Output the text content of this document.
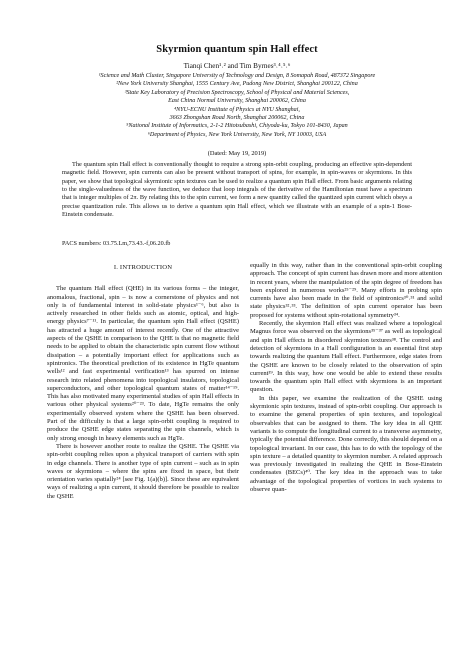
Skyrmion quantum spin Hall effect
Tianqi Chen¹˒² and Tim Byrnes³˒⁴˒⁵˒⁶
¹Science and Math Cluster, Singapore University of Technology and Design, 8 Somapah Road, 487372 Singapore
²New York University Shanghai, 1555 Century Ave, Pudong New District, Shanghai 200122, China
³State Key Laboratory of Precision Spectroscopy, School of Physical and Material Sciences,
East China Normal University, Shanghai 200062, China
⁴NYU-ECNU Institute of Physics at NYU Shanghai,
3663 Zhongshan Road North, Shanghai 200062, China
⁵National Institute of Informatics, 2-1-2 Hitotsubashi, Chiyoda-ku, Tokyo 101-8430, Japan
⁶Department of Physics, New York University, New York, NY 10003, USA
(Dated: May 19, 2019)
The quantum spin Hall effect is conventionally thought to require a strong spin-orbit coupling, producing an effective spin-dependent magnetic field. However, spin currents can also be present without transport of spins, for example, in spin-waves or skyrmions. In this paper, we show that topological skyrmionic spin textures can be used to realize a quantum spin Hall effect. From basic arguments relating to the single-valuedness of the wave function, we deduce that loop integrals of the derivative of the Hamiltonian must have a spectrum that is integer multiples of 2π. By relating this to the spin current, we form a new quantity called the quantized spin current which obeys a precise quantization rule. This allows us to derive a quantum spin Hall effect, which we illustrate with an example of a spin-1 Bose-Einstein condensate.
PACS numbers: 03.75.Lm,73.43.-f,06.20.fb
I. INTRODUCTION

The quantum Hall effect (QHE) in its various forms – the integer, anomalous, fractional, spin – is now a cornerstone of physics and not only is of fundamental interest in solid-state physics¹⁻⁶, but also is actively researched in other fields such as atomic, optical, and high-energy physics⁷⁻¹¹. In particular, the quantum spin Hall effect (QSHE) has attracted a huge amount of interest recently. One of the attractive aspects of the QSHE in comparison to the QHE is that no magnetic field needs to be applied to obtain the characteristic spin current flow without dissipation – a potentially important effect for applications such as spintronics. The theoretical prediction of its existence in HgTe quantum wells¹² and fast experimental verification¹³ has spurred on intense research into related phenomena into topological insulators, topological superconductors, and other topological quantum states of matter¹⁴⁻¹⁹. This has also motivated many experimental studies of spin Hall effects in various other physical systems²⁰⁻²³. To date, HgTe remains the only experimentally observed system where the QSHE has been observed. Part of the difficulty is that a large spin-orbit coupling is required to produce the QSHE edge states separating the spin channels, which is only strong enough in heavy elements such as HgTe.

There is however another route to realize the QSHE. The QSHE via spin-orbit coupling relies upon a physical transport of carriers with spin in edge channels. There is another type of spin current – such as in spin waves or skyrmions – where the spins are fixed in space, but their orientation varies spatially²⁴ [see Fig. 1(a)(b)]. Since these are equivalent ways of realizing a spin current, it should therefore be possible to realize the QSHE

equally in this way, rather than in the conventional spin-orbit coupling approach. The concept of spin current has drawn more and more attention in recent years, where the manipulation of the spin degree of freedom has been explored in numerous works²⁵⁻²⁹. Many efforts in probing spin currents have also been made in the field of spintronics³⁰˒³¹ and solid state physics³²˒³³. The definition of spin current operator has been proposed for systems without spin-rotational symmetry³⁴.

Recently, the skyrmion Hall effect was realized where a topological Magnus force was observed on the skyrmions³⁵⁻³⁷ as well as topological and spin Hall effects in disordered skyrmion textures³⁸. The control and detection of skyrmions in a Hall configuration is an essential first step towards realizing the quantum Hall effect. Furthermore, edge states from the QSHE are known to be closely related to the observation of spin current³⁹. In this way, how one would be able to extend these results towards the quantum spin Hall effect with skyrmions is an important question.

In this paper, we examine the realization of the QSHE using skyrmionic spin textures, instead of spin-orbit coupling. Our approach is to examine the general properties of spin textures, and topological observables that can be assigned to them. The key idea in all QHE variants is to compute the longitudinal current to a transverse asymmetry, typically the potential difference. Done correctly, this should depend on a topological invariant. In our case, this has to do with the topology of the spin texture – a detailed quantity to skyrmion number. A related approach was previously investigated in realizing the QHE in Bose-Einstein condensates (BECs)⁴⁰. The key idea in the approach was to take advantage of the topological properties of vortices in such systems to observe quan-
